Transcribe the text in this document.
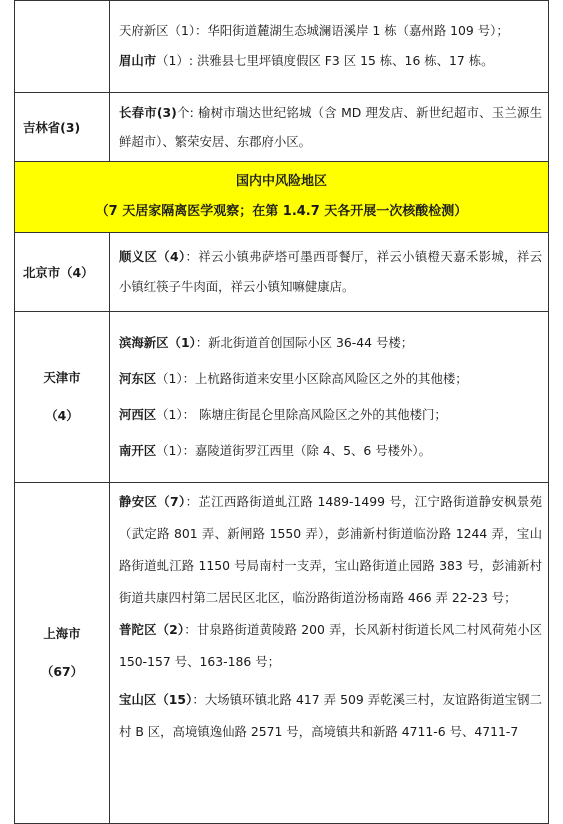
	天府新区（1）：华阳街道麓湖生态城澜语溪岸 1 栋（嘉州路 109 号）；
眉山市（1）: 洪雅县七里坪镇度假区 F3 区 15 栋、16 栋、17 栋。

吉林省(3)	长春市(3)个: 榆树市瑞达世纪铭城（含 MD 理发店、新世纪超市、玉兰源生鲜超市）、繁荣安居、东郡府小区。

国内中风险地区
（7 天居家隔离医学观察；在第 1.4.7 天各开展一次核酸检测）	

北京市（4）	顺义区（4）：祥云小镇弗萨塔可墨西哥餐厅，祥云小镇橙天嘉禾影城，祥云小镇红筷子牛肉面，祥云小镇知嘛健康店。

天津市
（4）	滨海新区（1）：新北街道首创国际小区 36-44 号楼；
河东区（1）：上杭路街道来安里小区除高风险区之外的其他楼；
河西区（1）： 陈塘庄街昆仑里除高风险区之外的其他楼门；
南开区（1）：嘉陵道街罗江西里（除 4、5、6 号楼外）。

上海市
（67）	静安区（7）：芷江西路街道虬江路 1489-1499 号，江宁路街道静安枫景苑（武定路 801 弄、新闸路 1550 弄），彭浦新村街道临汾路 1244 弄，宝山路街道虬江路 1150 号局南村一支弄，宝山路街道止园路 383 号，彭浦新村街道共康四村第二居民区北区，临汾路街道汾杨南路 466 弄 22-23 号；
普陀区（2）：甘泉路街道黄陵路 200 弄，长风新村街道长风二村风荷苑小区 150-157 号、163-186 号；
宝山区（15）：大场镇环镇北路 417 弄 509 弄乾溪三村，友谊路街道宝钢二村 B 区，高境镇逸仙路 2571 号，高境镇共和新路 4711-6 号、4711-7
